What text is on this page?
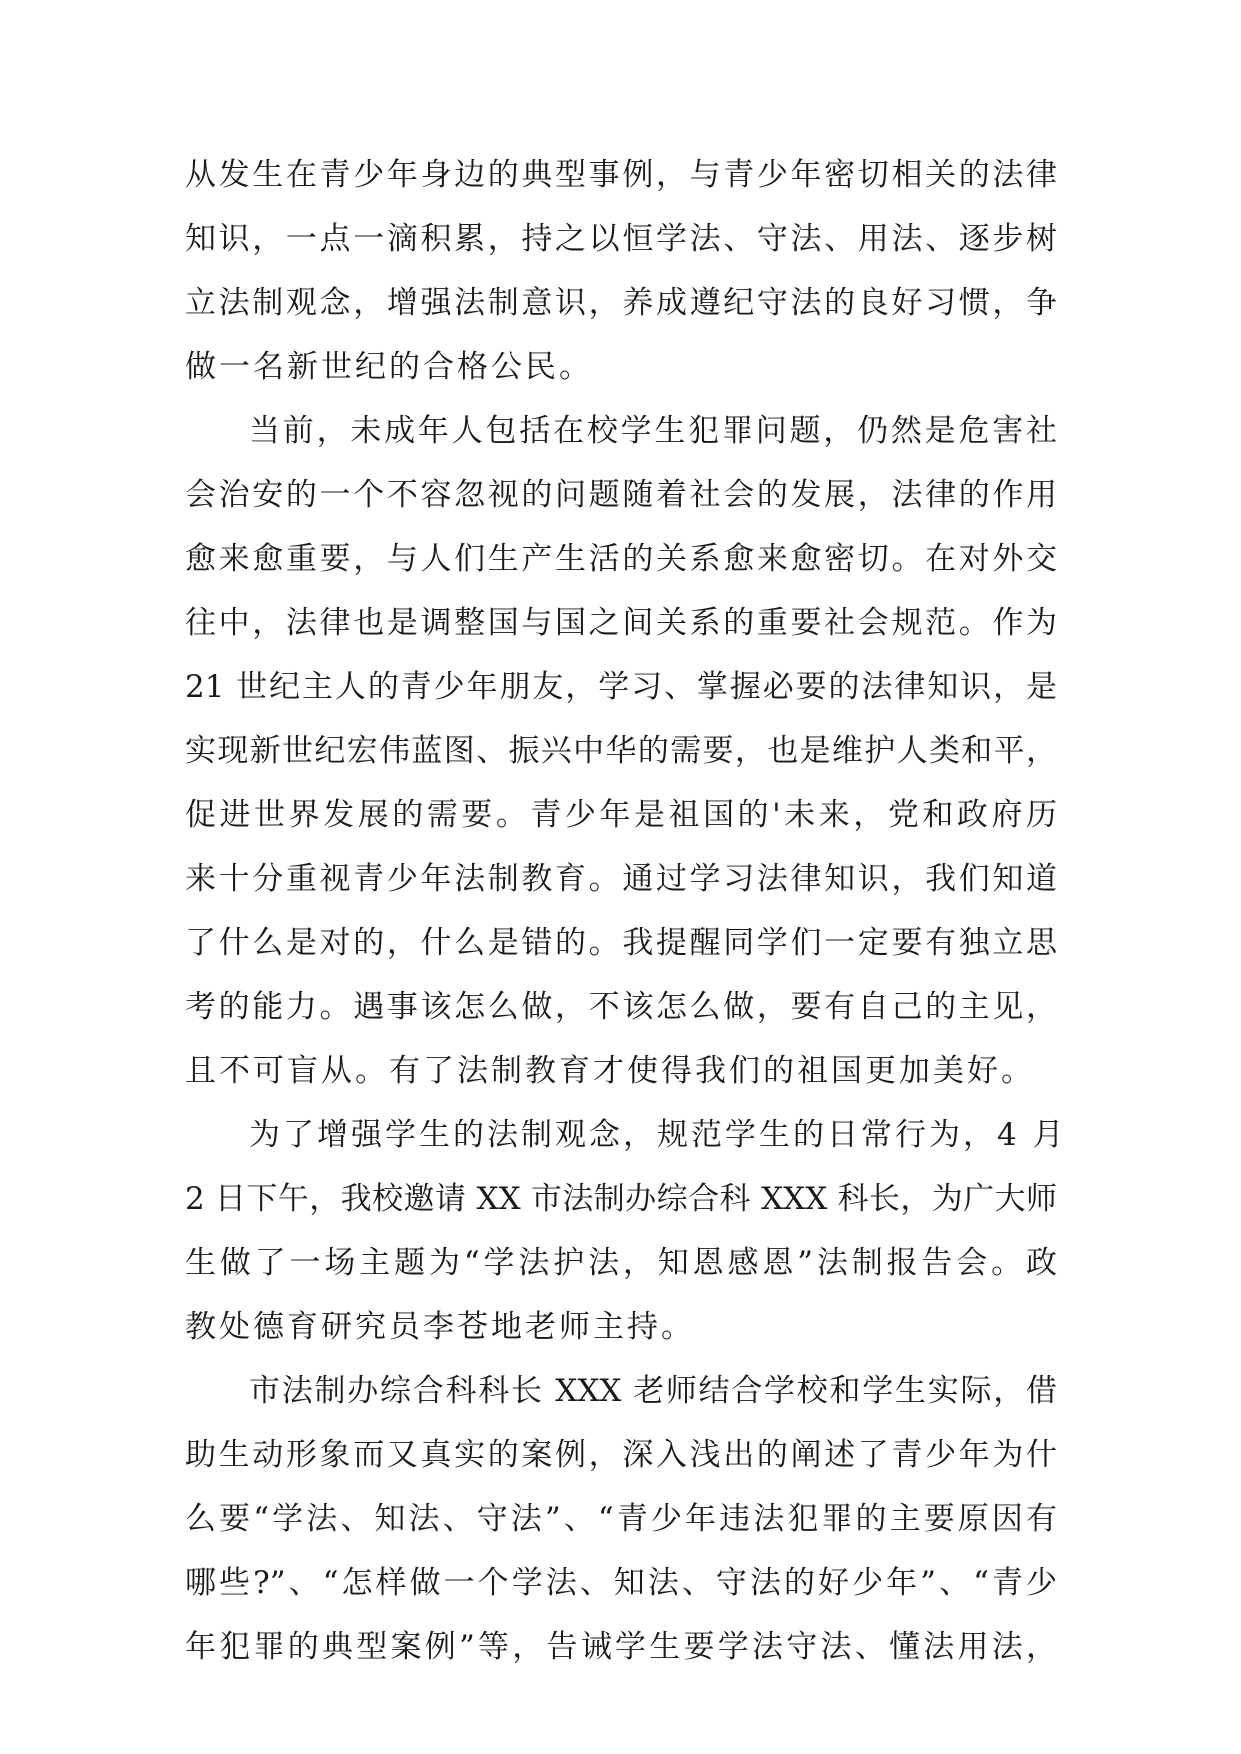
从发生在青少年身边的典型事例，与青少年密切相关的法律
知识，一点一滴积累，持之以恒学法、守法、用法、逐步树
立法制观念，增强法制意识，养成遵纪守法的良好习惯，争
做一名新世纪的合格公民。
当前，未成年人包括在校学生犯罪问题，仍然是危害社
会治安的一个不容忽视的问题随着社会的发展，法律的作用
愈来愈重要，与人们生产生活的关系愈来愈密切。在对外交
往中，法律也是调整国与国之间关系的重要社会规范。作为
21 世纪主人的青少年朋友，学习、掌握必要的法律知识，是
实现新世纪宏伟蓝图、振兴中华的需要，也是维护人类和平，
促进世界发展的需要。青少年是祖国的'未来，党和政府历
来十分重视青少年法制教育。通过学习法律知识，我们知道
了什么是对的，什么是错的。我提醒同学们一定要有独立思
考的能力。遇事该怎么做，不该怎么做，要有自己的主见，
且不可盲从。有了法制教育才使得我们的祖国更加美好。
为了增强学生的法制观念，规范学生的日常行为，4 月
2 日下午，我校邀请 XX 市法制办综合科 XXX 科长，为广大师
生做了一场主题为“学法护法，知恩感恩”法制报告会。政
教处德育研究员李苍地老师主持。
市法制办综合科科长 XXX 老师结合学校和学生实际，借
助生动形象而又真实的案例，深入浅出的阐述了青少年为什
么要“学法、知法、守法”、“青少年违法犯罪的主要原因有
哪些?”、“怎样做一个学法、知法、守法的好少年”、“青少
年犯罪的典型案例”等，告诫学生要学法守法、懂法用法，
